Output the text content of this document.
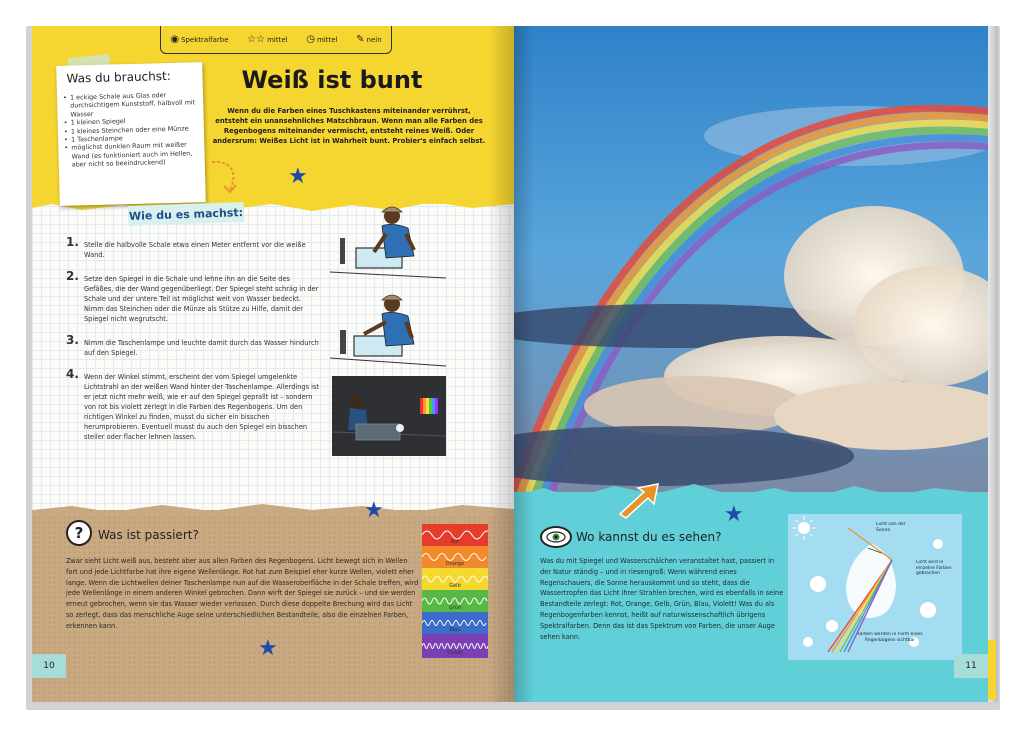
◉ Spektralfarbe ☆☆ mittel ◷ mittel ✎ nein
Was du brauchst:
• 1 eckige Schale aus Glas oder durchsichtigem Kunststoff, halbvoll mit Wasser
• 1 kleinen Spiegel
• 1 kleines Steinchen oder eine Münze
• 1 Taschenlampe
• möglichst dunklen Raum mit weißer Wand (es funktioniert auch im Hellen, aber nicht so beeindruckend)
Weiß ist bunt
Wenn du die Farben eines Tuschkastens miteinander verrührst, entsteht ein unansehnliches Matschbraun. Wenn man alle Farben des Regenbogens miteinander vermischt, entsteht reines Weiß. Oder andersrum: Weißes Licht ist in Wahrheit bunt. Probier's einfach selbst.
★
Wie du es machst:
1. Stelle die halbvolle Schale etwa einen Meter entfernt vor die weiße Wand.
2. Setze den Spiegel in die Schale und lehne ihn an die Seite des Gefäßes, die der Wand gegenüberliegt. Der Spiegel steht schräg in der Schale und der untere Teil ist möglichst weit von Wasser bedeckt. Nimm das Steinchen oder die Münze als Stütze zu Hilfe, damit der Spiegel nicht wegrutscht.
3. Nimm die Taschenlampe und leuchte damit durch das Wasser hindurch auf den Spiegel.
4. Wenn der Winkel stimmt, erscheint der vom Spiegel umgelenkte Lichtstrahl an der weißen Wand hinter der Taschenlampe. Allerdings ist er jetzt nicht mehr weiß, wie er auf den Spiegel geprallt ist – sondern von rot bis violett zerlegt in die Farben des Regenbogens. Um den richtigen Winkel zu finden, musst du sicher ein bisschen herumprobieren. Eventuell musst du auch den Spiegel ein bisschen steiler oder flacher lehnen lassen.
★
★
?	Was ist passiert?
Zwar sieht Licht weiß aus, besteht aber aus allen Farben des Regenbogens. Licht bewegt sich in Wellen fort und jede Lichtfarbe hat ihre eigene Wellenlänge. Rot hat zum Beispiel eher kurze Wellen, violett eher lange. Wenn die Lichtwellen deiner Taschenlampe nun auf die Wasseroberfläche in der Schale treffen, wird jede Wellenlänge in einem anderen Winkel gebrochen. Dann wirft der Spiegel sie zurück – und sie werden erneut gebrochen, wenn sie das Wasser wieder verlassen. Durch diese doppelte Brechung wird das Licht so zerlegt, dass das menschliche Auge seine unterschiedlichen Bestandteile, also die einzelnen Farben, erkennen kann.
Rot
Orange
Gelb
Grün
Blau
Violett
10
★
Wo kannst du es sehen?
Was du mit Spiegel und Wasserschälchen veranstaltet hast, passiert in der Natur ständig – und in riesengroß: Wenn während eines Regenschauers, die Sonne herauskommt und so steht, dass die Wassertropfen das Licht ihrer Strahlen brechen, wird es ebenfalls in seine Bestandteile zerlegt: Rot, Orange, Gelb, Grün, Blau, Violett! Was du als Regenbogenfarben kennst, heißt auf naturwissenschaftlich übrigens Spektralfarben. Denn das ist das Spektrum von Farben, die unser Auge sehen kann.
Licht von der Sonne
Licht wird in einzelne Farben gebrochen
Farben werden in Form eines Regenbogens sichtbar
11
